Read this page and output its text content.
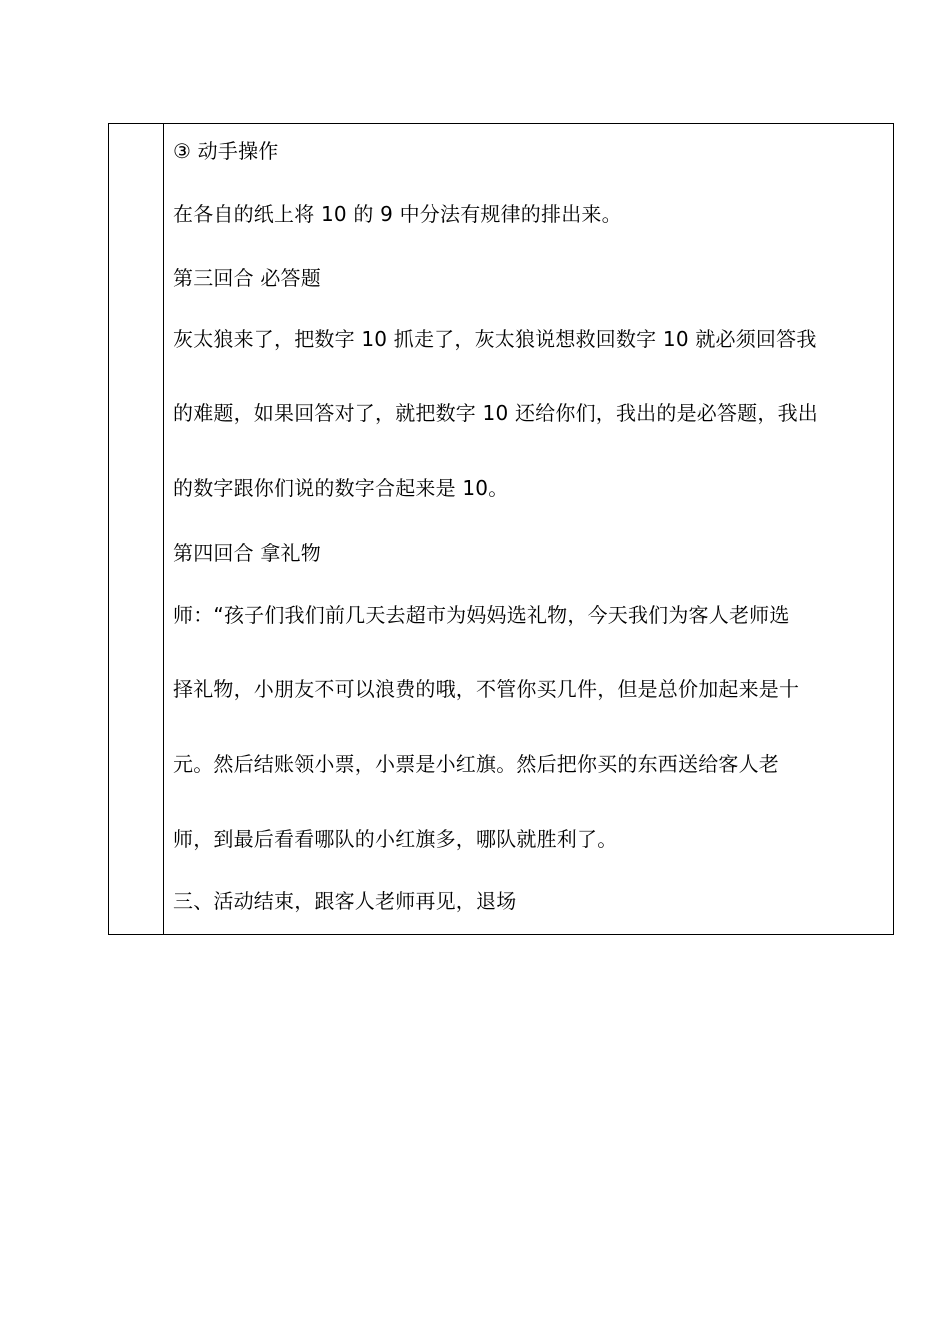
③ 动手操作
在各自的纸上将 10 的 9 中分法有规律的排出来。
第三回合 必答题
灰太狼来了，把数字 10 抓走了，灰太狼说想救回数字 10 就必须回答我
的难题，如果回答对了，就把数字 10 还给你们，我出的是必答题，我出
的数字跟你们说的数字合起来是 10。
第四回合 拿礼物
师：“孩子们我们前几天去超市为妈妈选礼物，今天我们为客人老师选
择礼物，小朋友不可以浪费的哦，不管你买几件，但是总价加起来是十
元。然后结账领小票，小票是小红旗。然后把你买的东西送给客人老
师，到最后看看哪队的小红旗多，哪队就胜利了。
三、活动结束，跟客人老师再见，退场
